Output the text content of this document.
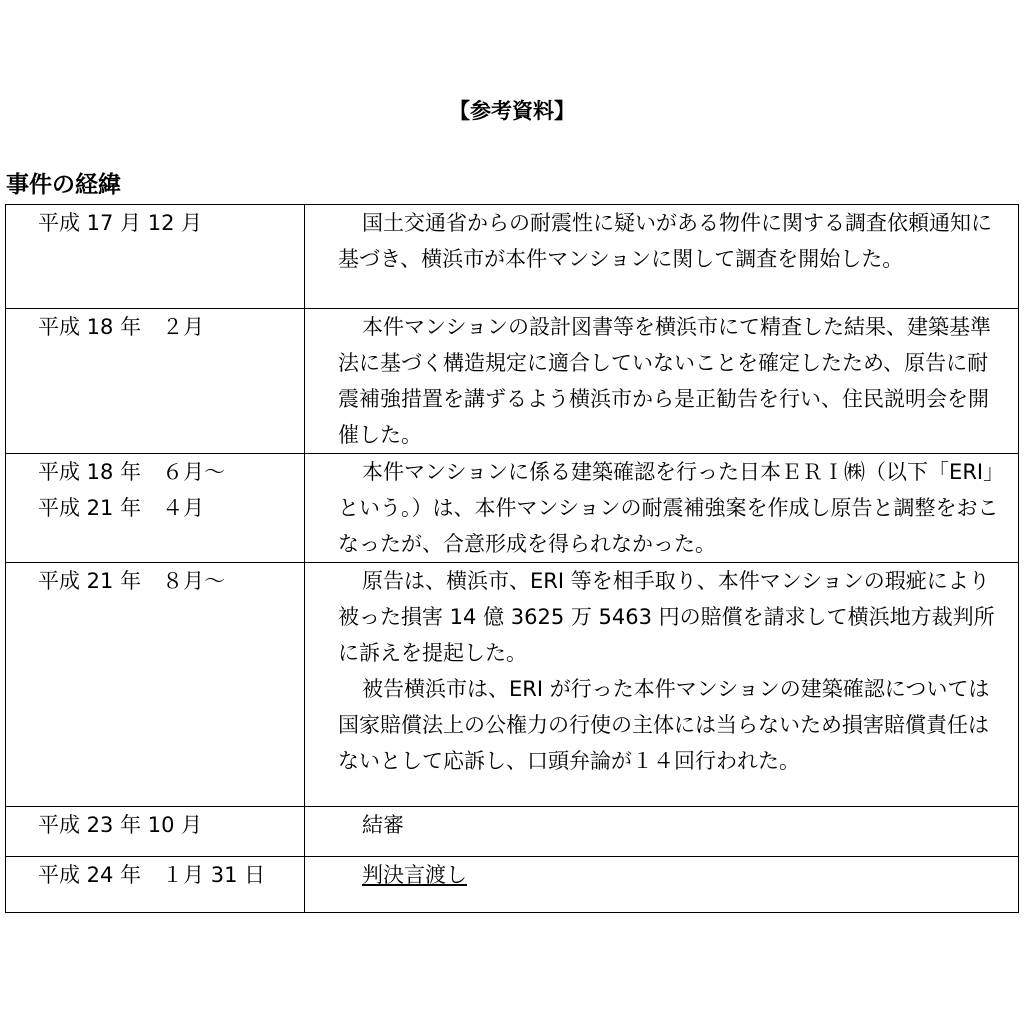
【参考資料】
事件の経緯
平成 17 月 12 月	国土交通省からの耐震性に疑いがある物件に関する調査依頼通知に基づき、横浜市が本件マンションに関して調査を開始した。

平成 18 年　２月	本件マンションの設計図書等を横浜市にて精査した結果、建築基準法に基づく構造規定に適合していないことを確定したため、原告に耐震補強措置を講ずるよう横浜市から是正勧告を行い、住民説明会を開催した。

平成 18 年　６月～
平成 21 年　４月	本件マンションに係る建築確認を行った日本ＥＲＩ㈱（以下「ERI」という。）は、本件マンションの耐震補強案を作成し原告と調整をおこなったが、合意形成を得られなかった。

平成 21 年　８月～	原告は、横浜市、ERI 等を相手取り、本件マンションの瑕疵により被った損害 14 億 3625 万 5463 円の賠償を請求して横浜地方裁判所に訴えを提起した。
被告横浜市は、ERI が行った本件マンションの建築確認については国家賠償法上の公権力の行使の主体には当らないため損害賠償責任はないとして応訴し、口頭弁論が１４回行われた。

平成 23 年 10 月	結審

平成 24 年　１月 31 日	判決言渡し
